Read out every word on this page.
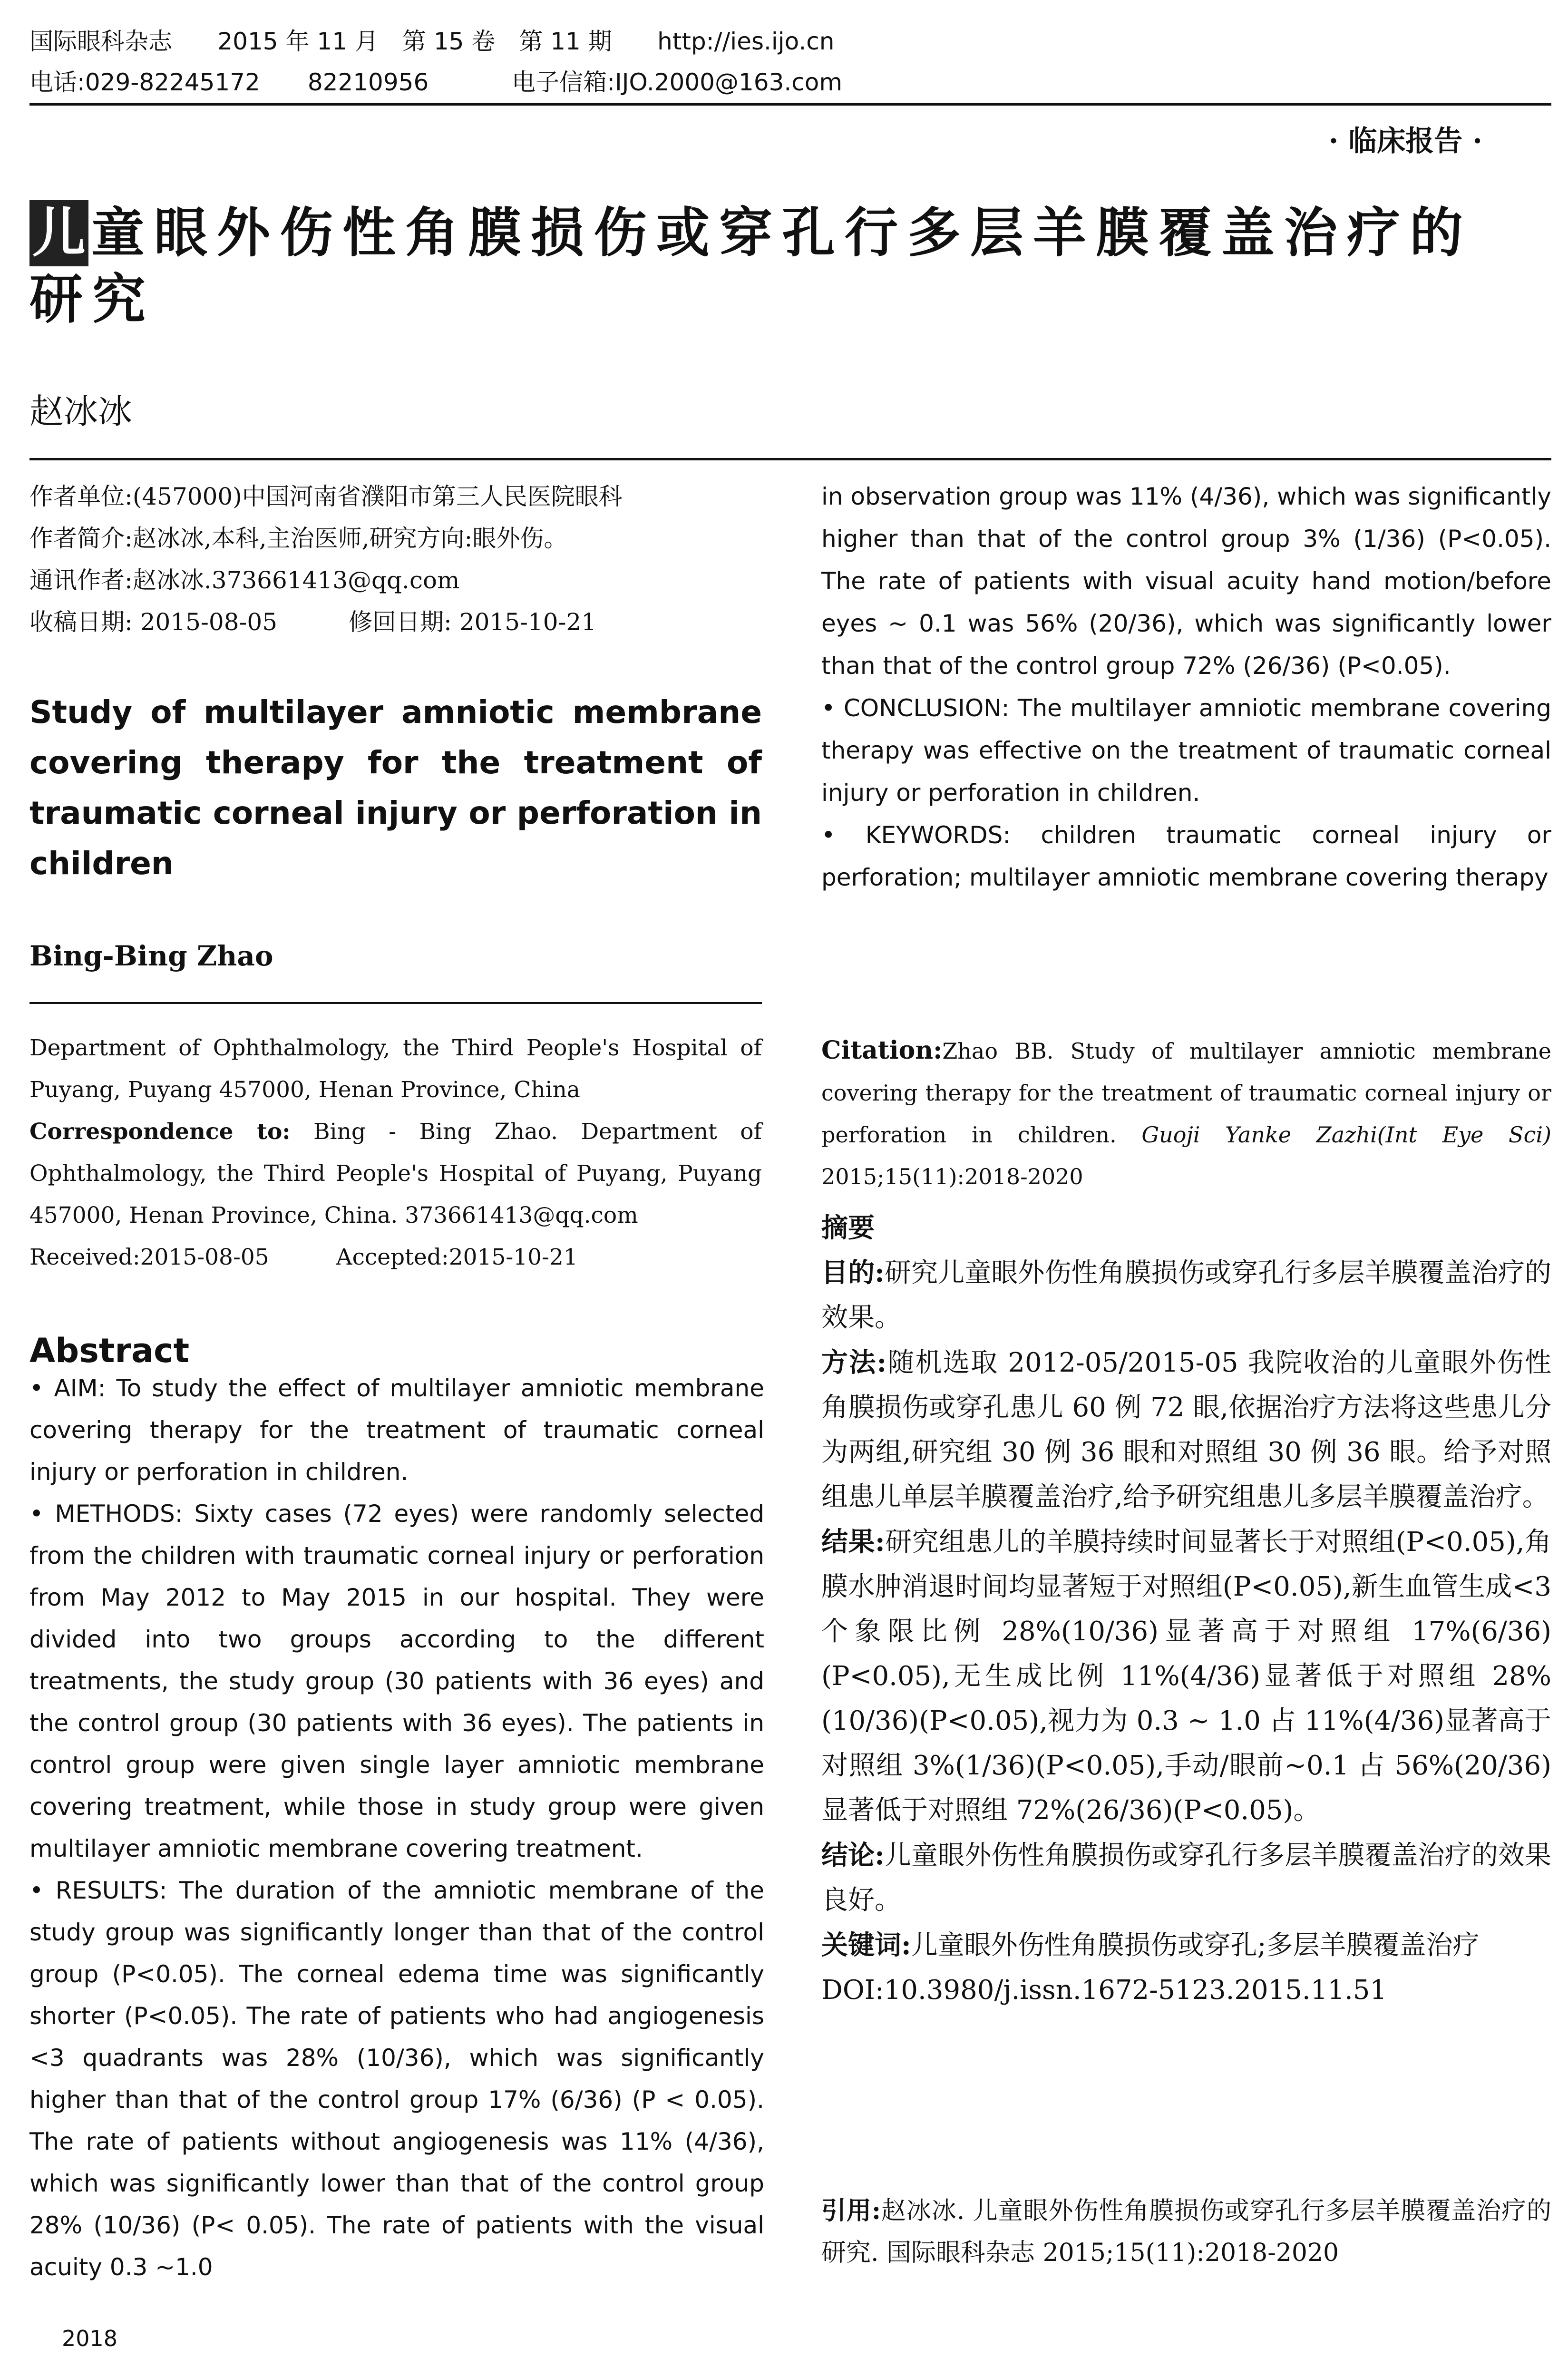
国际眼科杂志 2015 年 11 月　第 15 卷　第 11 期 http://ies.ijo.cn
电话:029-82245172　　82210956	电子信箱:IJO.2000@163.com
· 临床报告 ·
儿 童眼外伤性角膜损伤或穿孔行多层羊膜覆盖治疗的
研究
赵冰冰

作者单位:(457000)中国河南省濮阳市第三人民医院眼科

作者简介:赵冰冰,本科,主治医师,研究方向:眼外伤。

通讯作者:赵冰冰.373661413@qq.com

收稿日期: 2015-08-05　　　修回日期: 2015-10-21

Study of multilayer amniotic membrane covering therapy for the treatment of traumatic corneal injury or perforation in children
Bing-Bing Zhao

Department of Ophthalmology, the Third People's Hospital of Puyang, Puyang 457000, Henan Province, China

Correspondence to: Bing - Bing Zhao. Department of Ophthalmology, the Third People's Hospital of Puyang, Puyang 457000, Henan Province, China. 373661413@qq.com

Received:2015-08-05　　　Accepted:2015-10-21

Abstract

• AIM: To study the effect of multilayer amniotic membrane covering therapy for the treatment of traumatic corneal injury or perforation in children.

• METHODS: Sixty cases (72 eyes) were randomly selected from the children with traumatic corneal injury or perforation from May 2012 to May 2015 in our hospital. They were divided into two groups according to the different treatments, the study group (30 patients with 36 eyes) and the control group (30 patients with 36 eyes). The patients in control group were given single layer amniotic membrane covering treatment, while those in study group were given multilayer amniotic membrane covering treatment.

• RESULTS: The duration of the amniotic membrane of the study group was significantly longer than that of the control group (P<0.05). The corneal edema time was significantly shorter (P<0.05). The rate of patients who had angiogenesis <3 quadrants was 28% (10/36), which was significantly higher than that of the control group 17% (6/36) (P < 0.05). The rate of patients without angiogenesis was 11% (4/36), which was significantly lower than that of the control group 28% (10/36) (P< 0.05). The rate of patients with the visual acuity 0.3 ~1.0

2018

in observation group was 11% (4/36), which was significantly higher than that of the control group 3% (1/36) (P<0.05). The rate of patients with visual acuity hand motion/before eyes ~ 0.1 was 56% (20/36), which was significantly lower than that of the control group 72% (26/36) (P<0.05).

• CONCLUSION: The multilayer amniotic membrane covering therapy was effective on the treatment of traumatic corneal injury or perforation in children.

• KEYWORDS: children traumatic corneal injury or perforation; multilayer amniotic membrane covering therapy

Citation:Zhao BB. Study of multilayer amniotic membrane covering therapy for the treatment of traumatic corneal injury or perforation in children. Guoji Yanke Zazhi(Int Eye Sci) 2015;15(11):2018-2020

摘要

目的:研究儿童眼外伤性角膜损伤或穿孔行多层羊膜覆盖治疗的效果。

方法:随机选取 2012-05/2015-05 我院收治的儿童眼外伤性角膜损伤或穿孔患儿 60 例 72 眼,依据治疗方法将这些患儿分为两组,研究组 30 例 36 眼和对照组 30 例 36 眼。给予对照组患儿单层羊膜覆盖治疗,给予研究组患儿多层羊膜覆盖治疗。

结果:研究组患儿的羊膜持续时间显著长于对照组(P<0.05),角膜水肿消退时间均显著短于对照组(P<0.05),新生血管生成<3 个象限比例 28%(10/36)显著高于对照组 17%(6/36)(P<0.05),无生成比例 11%(4/36)显著低于对照组 28%(10/36)(P<0.05),视力为 0.3 ~ 1.0 占 11%(4/36)显著高于对照组 3%(1/36)(P<0.05),手动/眼前~0.1 占 56%(20/36)显著低于对照组 72%(26/36)(P<0.05)。

结论:儿童眼外伤性角膜损伤或穿孔行多层羊膜覆盖治疗的效果良好。

关键词:儿童眼外伤性角膜损伤或穿孔;多层羊膜覆盖治疗

DOI:10.3980/j.issn.1672-5123.2015.11.51

引用:赵冰冰. 儿童眼外伤性角膜损伤或穿孔行多层羊膜覆盖治疗的研究. 国际眼科杂志 2015;15(11):2018-2020
